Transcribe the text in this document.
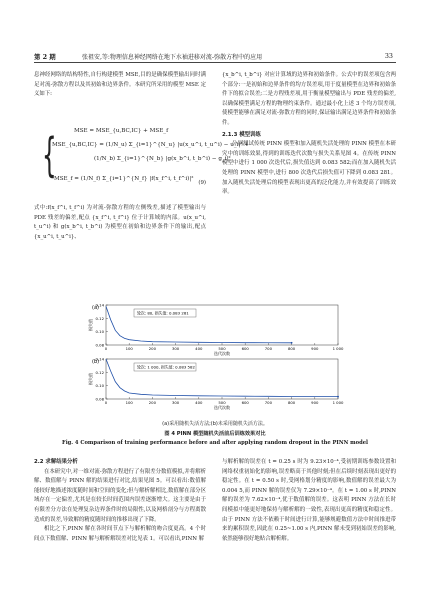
第 2 期	张祖安,等:物理信息神经网络在地下水袖进移对流-弥散方程中的应用	33

息神经网络的结构特性,自行构建模型 MSE,目的是确保模型输出同时满足对流-弥散方程以及其初始和边界条件。本研究所采用的模型 MSE 定义如下:

MSE = MSE_{u,BC,IC} + MSE_f
{
MSE_{u,BC,IC} = (1/N_u) Σ_{i=1}^{N_u} |u(x_u^i, t_u^i) − u_i|² +
(1/N_b) Σ_{i=1}^{N_b} |g(x_b^i, t_b^i) − g_i|²
MSE_f = (1/N_f) Σ_{i=1}^{N_f} |f(x_f^i, t_f^i)|²
(9)

式中:f(x_f^i, t_f^i) 为对流-弥散方程的左侧残差,描述了模型输出与 PDE 残差的偏差,配点 {x_f^i, t_f^i} 位于计算域的内部。u(x_u^i, t_u^i) 和 g(x_b^i, t_b^i) 为模型在初始和边界条件下的输出,配点 {x_u^i, t_u^i}、

{x_b^i, t_b^i} 对应计算域的边界和初始条件。公式中的误差项包含两个部分:一是初始和边界条件的均方误差项,用于度量模型在边界和初始条件下的拟合误差;二是方程残差项,用于衡量模型输出与 PDE 残差的偏差,以确保模型满足方程的物理约束条件。通过最小化上述 3 个均方误差项,使模型能够在满足对流-弥散方程的同时,保证输出满足边界条件和初始条件。

2.1.3 模型训练

分别测试传统 PINN 模型和加入随机失活处理的 PINN 模型在本研究中的训练效果,得到的训练迭代次数与损失关系见图 4。在传统 PINN 模型中进行 1 000 次迭代后,损失值达到 0.083 582;而在加入随机失活处理的 PINN 模型中,进行 800 次迭代后损失值可下降到 0.083 281。加入随机失活处理后的模型表现出更高的泛化能力,并有效提高了训练效率。

(a)
0.08
0.10
0.12
0.14
0	100	200	300	400	500	600	700	800	900	1 000
损失值
迭代次数
轮次: 80, 损失值: 0.083 281
(b)
0.08
0.10
0.12
0.14
0	100	200	300	400	500	600	700	800	900	1 000
损失值
迭代次数
轮次: 1 000, 损失值: 0.083 582
(a)采用随机失活方法;(b)未采用随机失活方法。
图 4 PINN 模型随机失活前后训练效果对比
Fig. 4 Comparison of training performance before and after applying random dropout in the PINN model

2.2 求解结果分析

在本研究中,对一维对流-弥散方程进行了有限差分数值模拟,并将解析解、数值解与 PINN 解的结果进行对比,结果见图 5。可以看出:数值解能较好地描述浓度随时间和空间的变化;但与解析解相比,数值解在部分区域存在一定偏差,尤其是在较长时间范围内误差逐渐增大。这主要是由于有限差分方法在处理复杂边界条件时的局限性,以及网格剖分与方程离散造成的误差,导致解的精度随时间的推移出现了下降。

相比之下,PINN 解在各时间节点下与解析解的吻合度更高。4 个时间点下数值解、PINN 解与解析解误差对比见表 1。可以看出,PINN 解

与解析解的误差在 t = 0.25 s 时为 9.23×10⁻⁴,受初期训练参数设置和网络权重初始化的影响,误差略高于其他时刻;但在后续时刻表现出更好的稳定性。在 t = 0.50 s 时,受网格划分精度的影响,数值解的误差最大为 0.004 5,而 PINN 解的误差仅为 7.29×10⁻⁴。在 t = 1.00 s 时,PINN 解的误差为 7.62×10⁻⁴,优于数值解的误差。这表明 PINN 方法在长时间模拟中能更好地保持与解析解的一致性,表现出更高的精度和稳定性。由于 PINN 方法不依赖于时间进行计算,能够规避数值方法中时间推进带来的累积误差,因此在 0.25~1.00 s 内,PINN 解未受到初始误差的影响,依然能够很好地贴合解析解。
